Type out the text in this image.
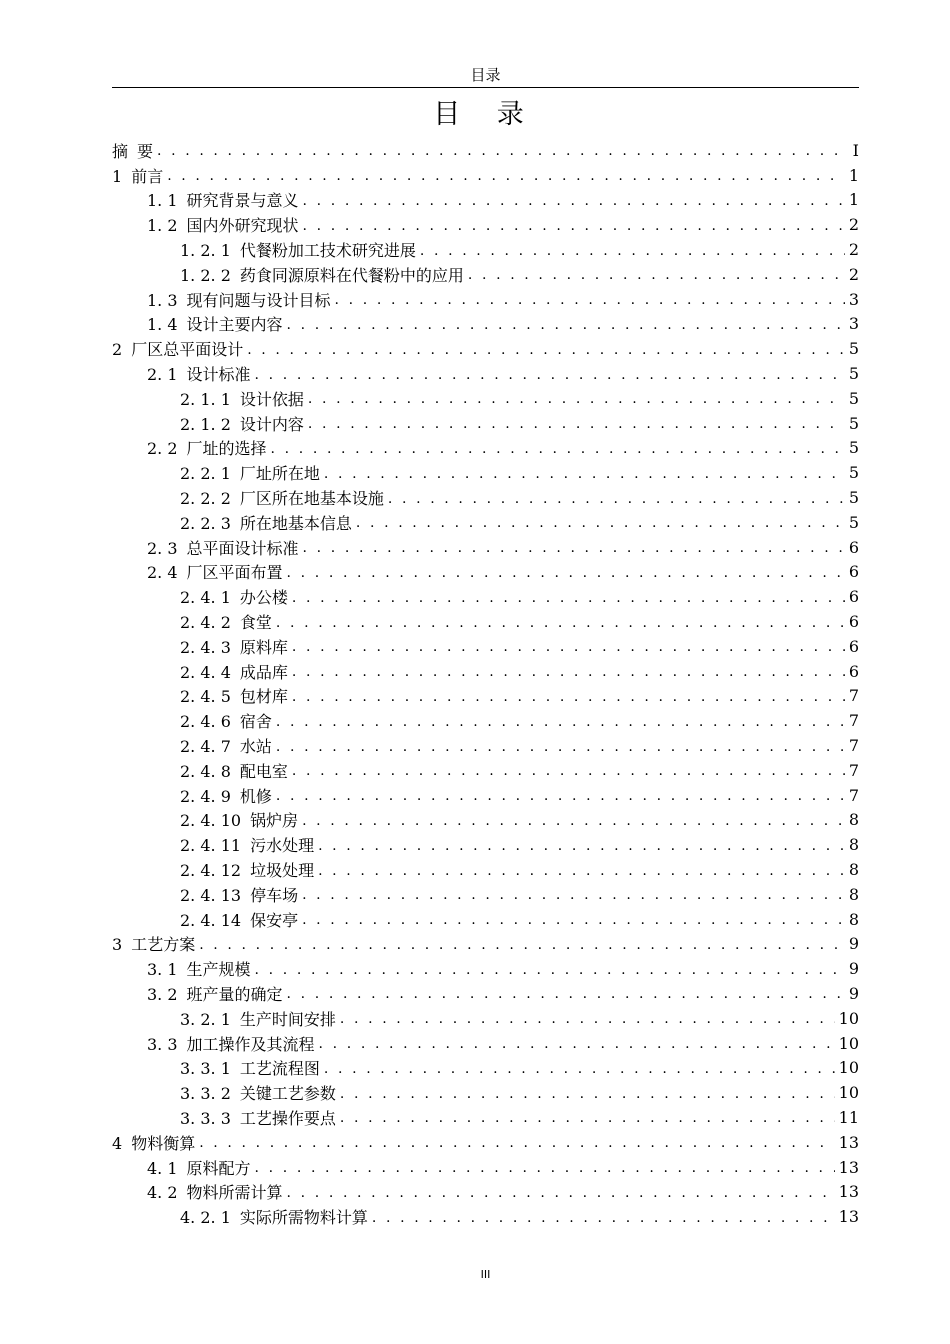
目录
目 录
摘 要 . . .	I
1 前言 . . .	1
1. 1 研究背景与意义 . . .	1
1. 2 国内外研究现状 . . .	2
1. 2. 1 代餐粉加工技术研究进展 . . .	2
1. 2. 2 药食同源原料在代餐粉中的应用 . . .	2
1. 3 现有问题与设计目标 . . .	3
1. 4 设计主要内容 . . .	3
2 厂区总平面设计 . . .	5
2. 1 设计标准 . . .	5
2. 1. 1 设计依据 . . .	5
2. 1. 2 设计内容 . . .	5
2. 2 厂址的选择 . . .	5
2. 2. 1 厂址所在地 . . .	5
2. 2. 2 厂区所在地基本设施 . . .	5
2. 2. 3 所在地基本信息 . . .	5
2. 3 总平面设计标准 . . .	6
2. 4 厂区平面布置 . . .	6
2. 4. 1 办公楼 . . .	6
2. 4. 2 食堂 . . .	6
2. 4. 3 原料库 . . .	6
2. 4. 4 成品库 . . .	6
2. 4. 5 包材库 . . .	7
2. 4. 6 宿舍 . . .	7
2. 4. 7 水站 . . .	7
2. 4. 8 配电室 . . .	7
2. 4. 9 机修 . . .	7
2. 4. 10 锅炉房 . . .	8
2. 4. 11 污水处理 . . .	8
2. 4. 12 垃圾处理 . . .	8
2. 4. 13 停车场 . . .	8
2. 4. 14 保安亭 . . .	8
3 工艺方案 . . .	9
3. 1 生产规模 . . .	9
3. 2 班产量的确定 . . .	9
3. 2. 1 生产时间安排 . . .	10
3. 3 加工操作及其流程 . . .	10
3. 3. 1 工艺流程图 . . .	10
3. 3. 2 关键工艺参数 . . .	10
3. 3. 3 工艺操作要点 . . .	11
4 物料衡算 . . .	13
4. 1 原料配方 . . .	13
4. 2 物料所需计算 . . .	13
4. 2. 1 实际所需物料计算 . . .	13
III
